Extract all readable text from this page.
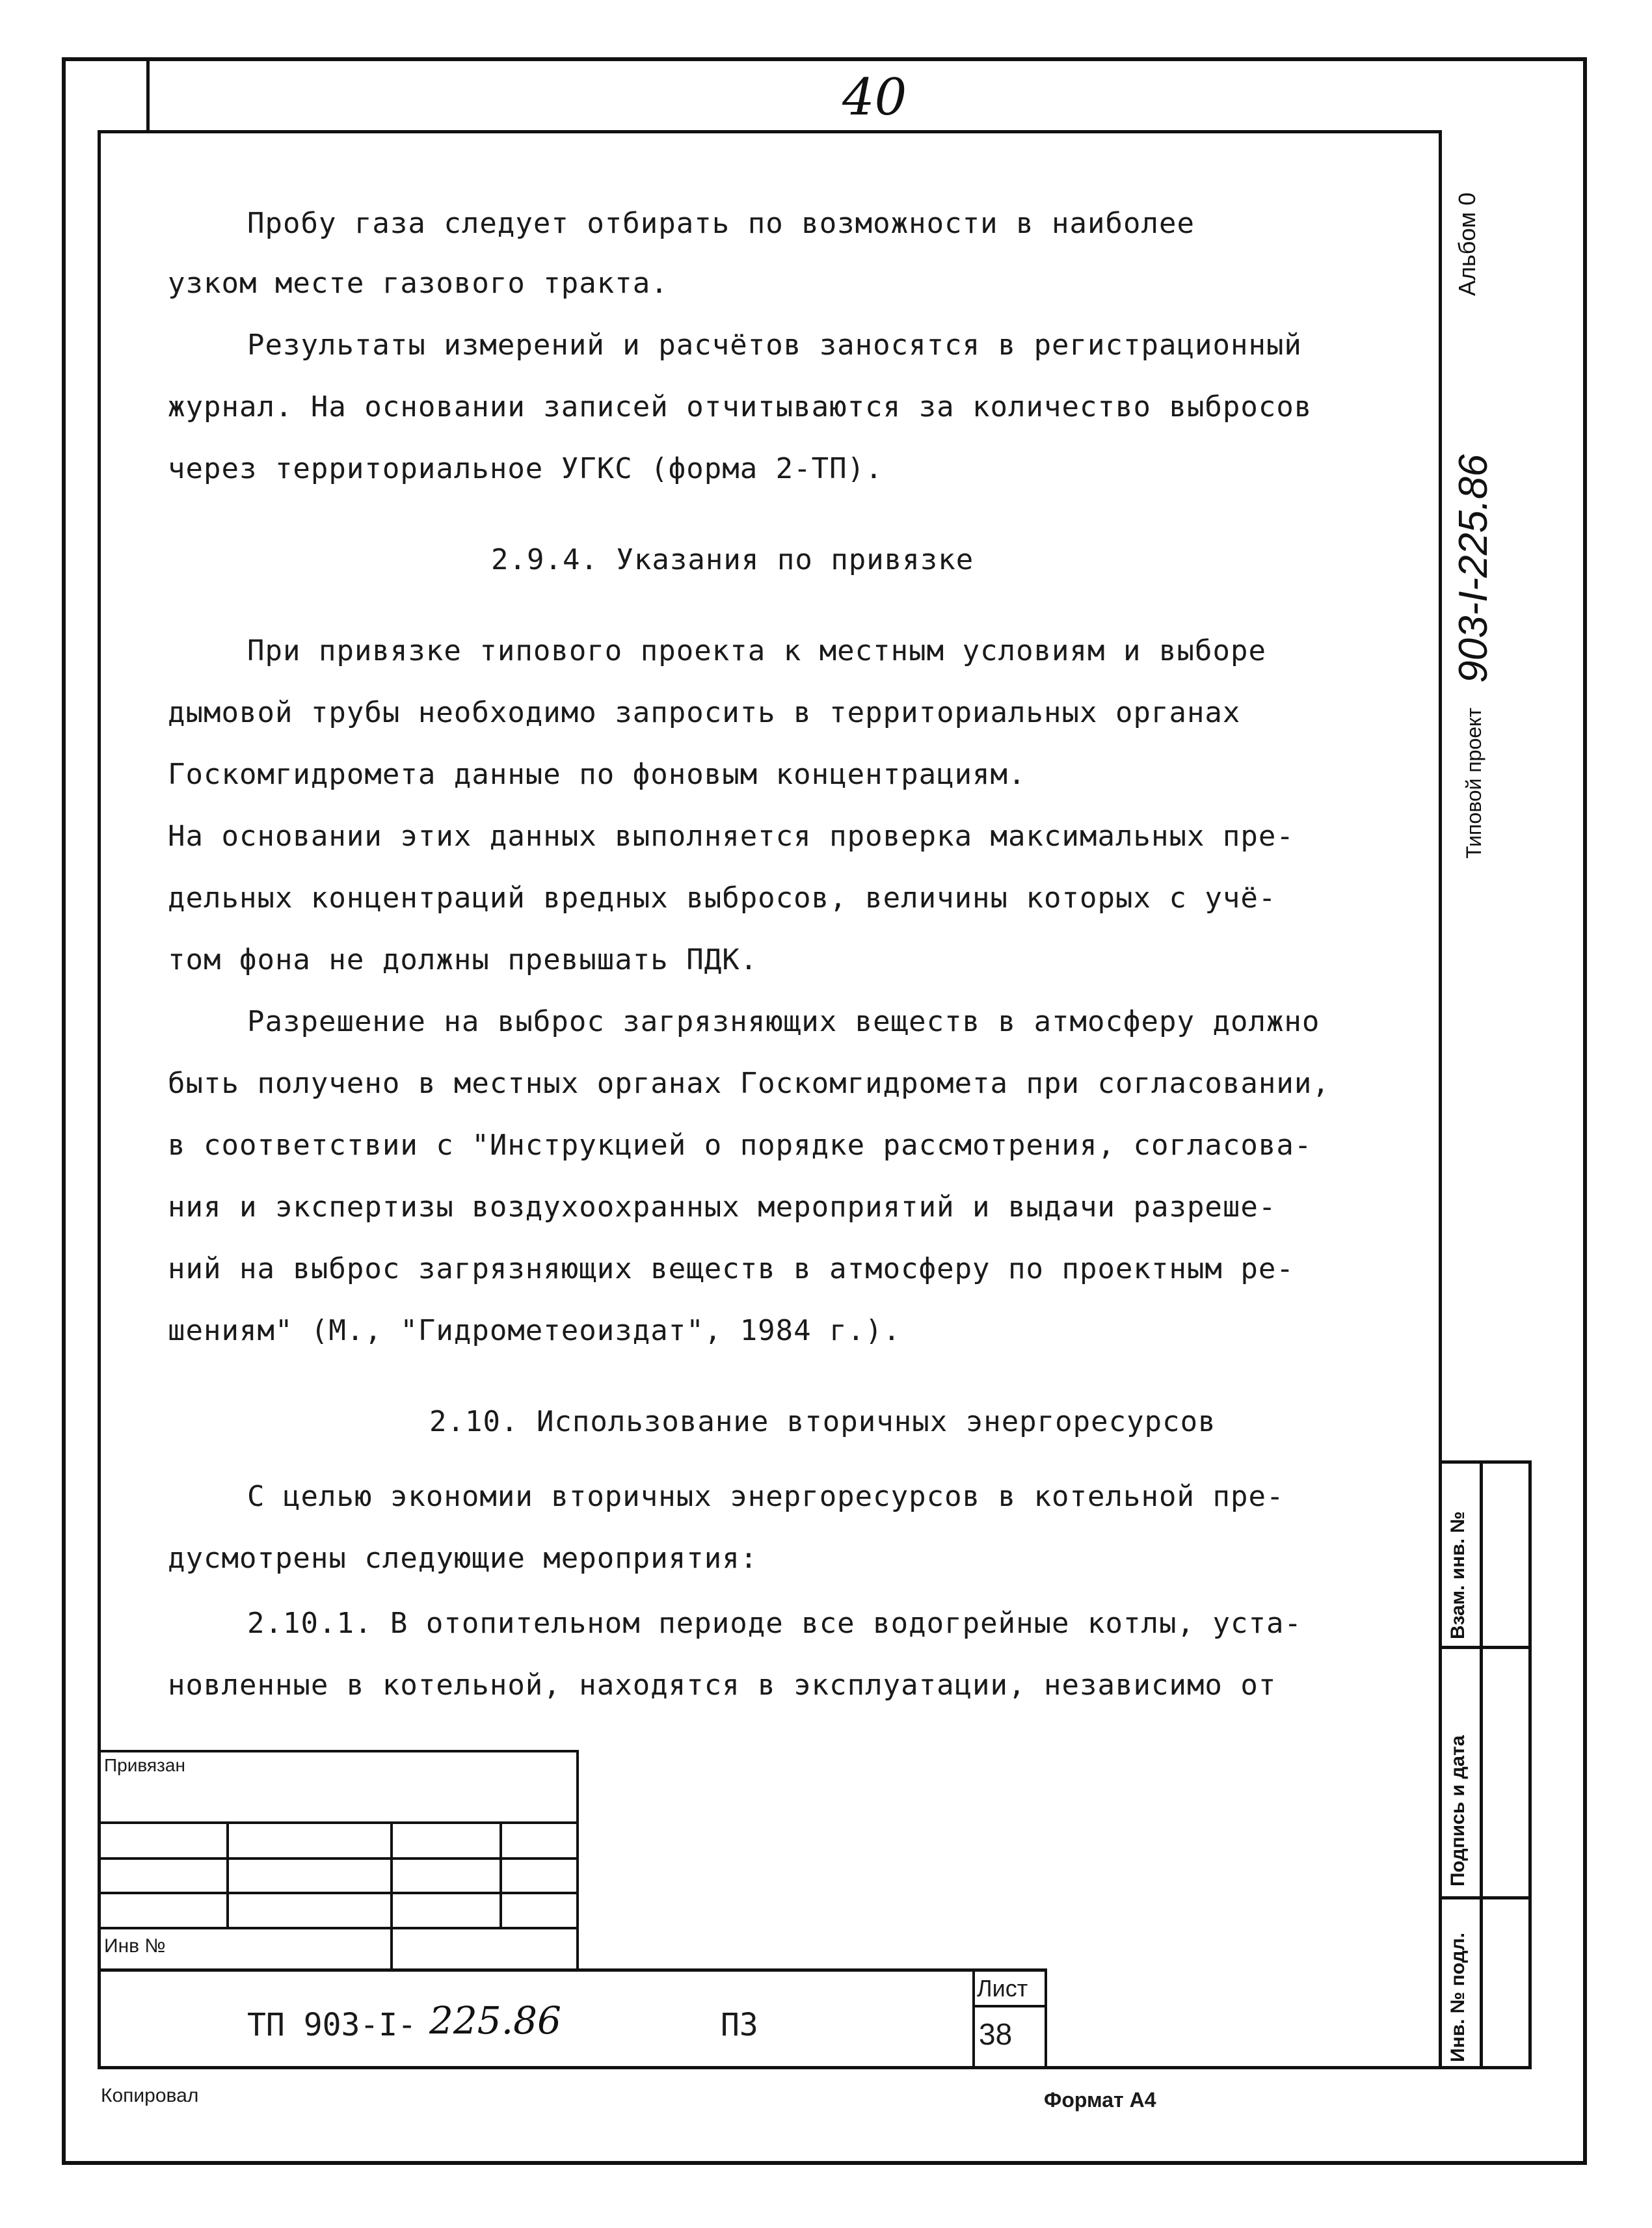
40
Пробу газа следует отбирать по возможности в наиболее
узком месте газового тракта.
Результаты измерений и расчётов заносятся в регистрационный
журнал. На основании записей отчитываются за количество выбросов
через территориальное УГКС (форма 2-ТП).
2.9.4. Указания по привязке
При привязке типового проекта к местным условиям и выборе
дымовой трубы необходимо запросить в территориальных органах
Госкомгидромета данные по фоновым концентрациям.
На основании этих данных выполняется проверка максимальных пре-
дельных концентраций вредных выбросов, величины которых с учё-
том фона не должны превышать ПДК.
Разрешение на выброс загрязняющих веществ в атмосферу должно
быть получено в местных органах Госкомгидромета при согласовании,
в соответствии с "Инструкцией о порядке рассмотрения, согласова-
ния и экспертизы воздухоохранных мероприятий и выдачи разреше-
ний на выброс загрязняющих веществ в атмосферу по проектным ре-
шениям" (М., "Гидрометеоиздат", 1984 г.).
2.10. Использование вторичных энергоресурсов
С целью экономии вторичных энергоресурсов в котельной пре-
дусмотрены следующие мероприятия:
2.10.1. В отопительном периоде все водогрейные котлы, уста-
новленные в котельной, находятся в эксплуатации, независимо от
Альбом 0
Типовой проект
903-I-225.86
Взам. инв. №
Подпись и дата
Инв. № подл.
Привязан
Инв №
Лист
38
ТП 903-I- 225.86	ПЗ
Копировал	Формат А4
